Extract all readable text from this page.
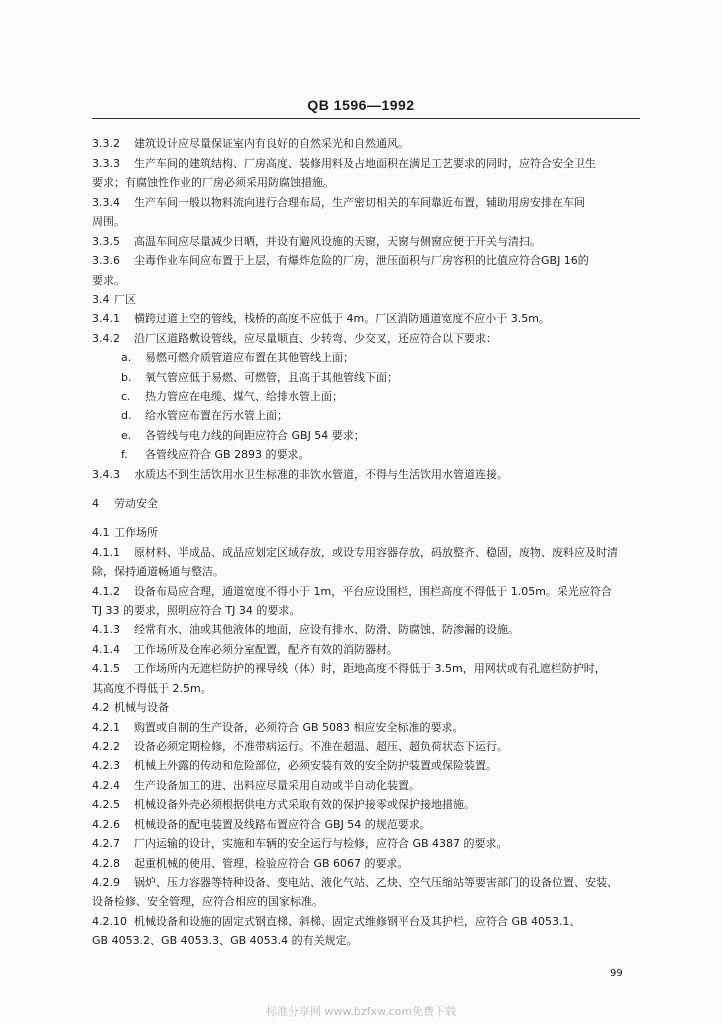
QB 1596—1992
3.3.2 建筑设计应尽量保证室内有良好的自然采光和自然通风。
3.3.3 生产车间的建筑结构、厂房高度、装修用料及占地面积在满足工艺要求的同时，应符合安全卫生
要求；有腐蚀性作业的厂房必须采用防腐蚀措施。
3.3.4 生产车间一般以物料流向进行合理布局，生产密切相关的车间靠近布置，辅助用房安排在车间
周围。
3.3.5 高温车间应尽量减少日晒，并设有避风设施的天窗，天窗与侧窗应便于开关与清扫。
3.3.6 尘毒作业车间应布置于上层，有爆炸危险的厂房，泄压面积与厂房容积的比值应符合GBJ 16的
要求。
3.4 厂区
3.4.1 横跨过道上空的管线，栈桥的高度不应低于 4m。厂区消防通道宽度不应小于 3.5m。
3.4.2 沿厂区道路敷设管线，应尽量顺直、少转弯、少交叉，还应符合以下要求：
a. 易燃可燃介质管道应布置在其他管线上面；
b. 氧气管应低于易燃、可燃管，且高于其他管线下面；
c. 热力管应在电缆、煤气、给排水管上面；
d. 给水管应布置在污水管上面；
e. 各管线与电力线的间距应符合 GBJ 54 要求；
f. 各管线应符合 GB 2893 的要求。
3.4.3 水质达不到生活饮用水卫生标准的非饮水管道，不得与生活饮用水管道连接。
4 劳动安全
4.1 工作场所
4.1.1 原材料、半成品、成品应划定区域存放，或设专用容器存放，码放整齐、稳固，废物、废料应及时清
除，保持通道畅通与整洁。
4.1.2 设备布局应合理，通道宽度不得小于 1m，平台应设围栏，围栏高度不得低于 1.05m。采光应符合
TJ 33 的要求，照明应符合 TJ 34 的要求。
4.1.3 经常有水、油或其他液体的地面，应设有排水、防滑、防腐蚀、防渗漏的设施。
4.1.4 工作场所及仓库必须分室配置，配齐有效的消防器材。
4.1.5 工作场所内无遮栏防护的裸导线（体）时，距地高度不得低于 3.5m，用网状或有孔遮栏防护时，
其高度不得低于 2.5m。
4.2 机械与设备
4.2.1 购置或自制的生产设备，必须符合 GB 5083 相应安全标准的要求。
4.2.2 设备必须定期检修，不准带病运行。不准在超温、超压、超负荷状态下运行。
4.2.3 机械上外露的传动和危险部位，必须安装有效的安全防护装置或保险装置。
4.2.4 生产设备加工的进、出料应尽量采用自动或半自动化装置。
4.2.5 机械设备外壳必须根据供电方式采取有效的保护接零或保护接地措施。
4.2.6 机械设备的配电装置及线路布置应符合 GBJ 54 的规范要求。
4.2.7 厂内运输的设计，实施和车辆的安全运行与检修，应符合 GB 4387 的要求。
4.2.8 起重机械的使用、管理、检验应符合 GB 6067 的要求。
4.2.9 锅炉、压力容器等特种设备、变电站、液化气站、乙炔、空气压缩站等要害部门的设备位置、安装、
设备检修、安全管理，应符合相应的国家标准。
4.2.10 机械设备和设施的固定式钢直梯、斜梯、固定式维修钢平台及其护栏，应符合 GB 4053.1、
GB 4053.2、GB 4053.3、GB 4053.4 的有关规定。
99
标准分享网 www.bzfxw.com免费下载
